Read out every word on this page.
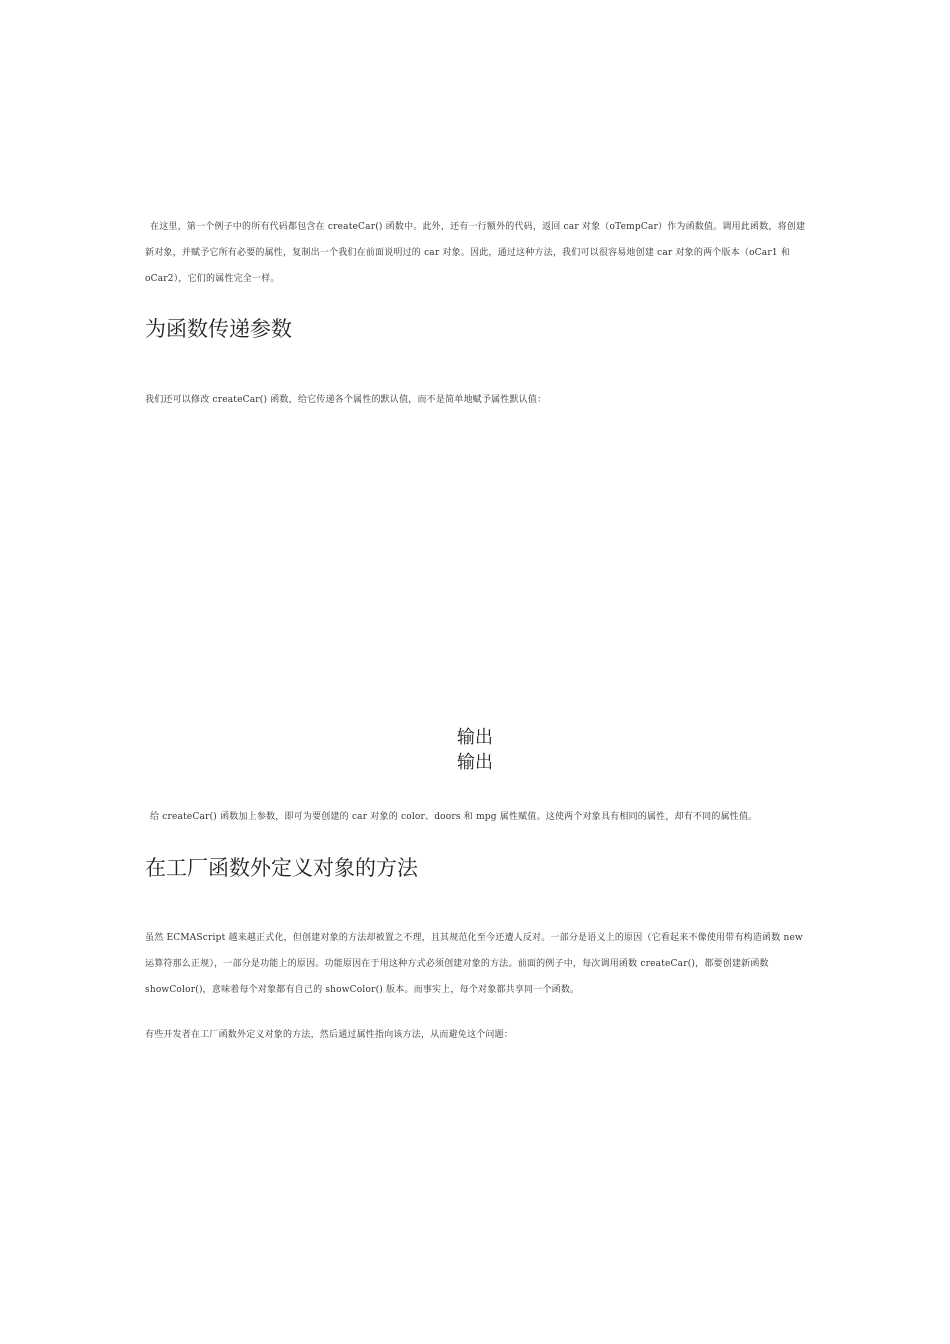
在这里，第一个例子中的所有代码都包含在 createCar() 函数中。此外，还有一行额外的代码，返回 car 对象（oTempCar）作为函数值。调用此函数，将创建新对象，并赋予它所有必要的属性，复制出一个我们在前面说明过的 car 对象。因此，通过这种方法，我们可以很容易地创建 car 对象的两个版本（oCar1 和 oCar2），它们的属性完全一样。

为函数传递参数

我们还可以修改 createCar() 函数，给它传递各个属性的默认值，而不是简单地赋予属性默认值：

输出
输出

给 createCar() 函数加上参数，即可为要创建的 car 对象的 color、doors 和 mpg 属性赋值。这使两个对象具有相同的属性，却有不同的属性值。

在工厂函数外定义对象的方法

虽然 ECMAScript 越来越正式化，但创建对象的方法却被置之不理，且其规范化至今还遭人反对。一部分是语义上的原因（它看起来不像使用带有构造函数 new 运算符那么正规），一部分是功能上的原因。功能原因在于用这种方式必须创建对象的方法。前面的例子中，每次调用函数 createCar()，都要创建新函数 showColor()，意味着每个对象都有自己的 showColor() 版本。而事实上，每个对象都共享同一个函数。

有些开发者在工厂函数外定义对象的方法，然后通过属性指向该方法，从而避免这个问题：
